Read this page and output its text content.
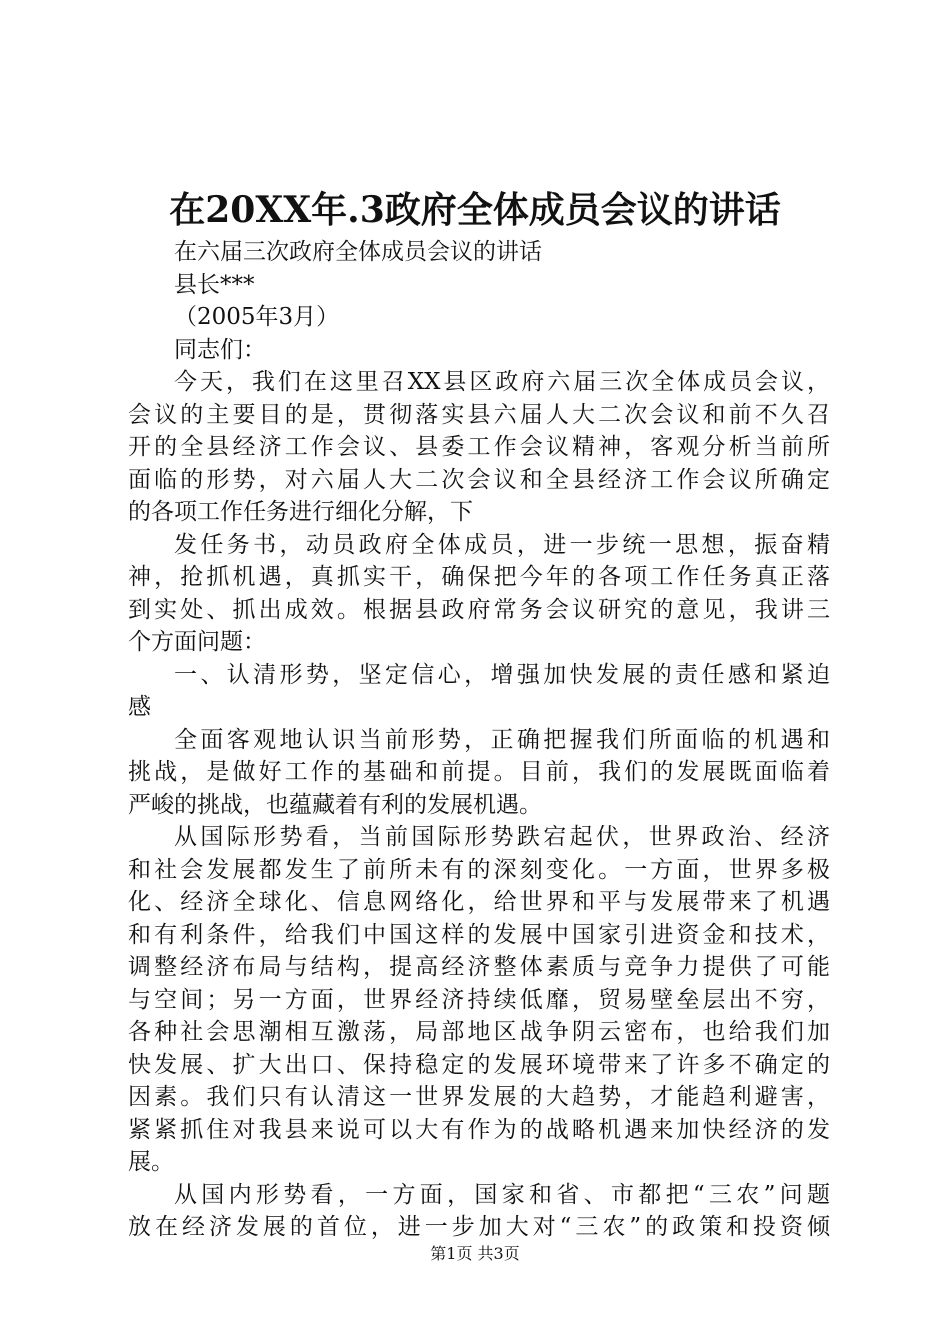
在20XX年.3政府全体成员会议的讲话
在六届三次政府全体成员会议的讲话
县长***
（2005年3月）
同志们：
今天，我们在这里召XX县区政府六届三次全体成员会议，
会议的主要目的是，贯彻落实县六届人大二次会议和前不久召
开的全县经济工作会议、县委工作会议精神，客观分析当前所
面临的形势，对六届人大二次会议和全县经济工作会议所确定
的各项工作任务进行细化分解，下
发任务书，动员政府全体成员，进一步统一思想，振奋精
神，抢抓机遇，真抓实干，确保把今年的各项工作任务真正落
到实处、抓出成效。根据县政府常务会议研究的意见，我讲三
个方面问题：
一、认清形势，坚定信心，增强加快发展的责任感和紧迫
感
全面客观地认识当前形势，正确把握我们所面临的机遇和
挑战，是做好工作的基础和前提。目前，我们的发展既面临着
严峻的挑战，也蕴藏着有利的发展机遇。
从国际形势看，当前国际形势跌宕起伏，世界政治、经济
和社会发展都发生了前所未有的深刻变化。一方面，世界多极
化、经济全球化、信息网络化，给世界和平与发展带来了机遇
和有利条件，给我们中国这样的发展中国家引进资金和技术，
调整经济布局与结构，提高经济整体素质与竞争力提供了可能
与空间；另一方面，世界经济持续低靡，贸易壁垒层出不穷，
各种社会思潮相互激荡，局部地区战争阴云密布，也给我们加
快发展、扩大出口、保持稳定的发展环境带来了许多不确定的
因素。我们只有认清这一世界发展的大趋势，才能趋利避害，
紧紧抓住对我县来说可以大有作为的战略机遇来加快经济的发
展。
从国内形势看，一方面，国家和省、市都把“三农”问题
放在经济发展的首位，进一步加大对“三农”的政策和投资倾
第1页 共3页
